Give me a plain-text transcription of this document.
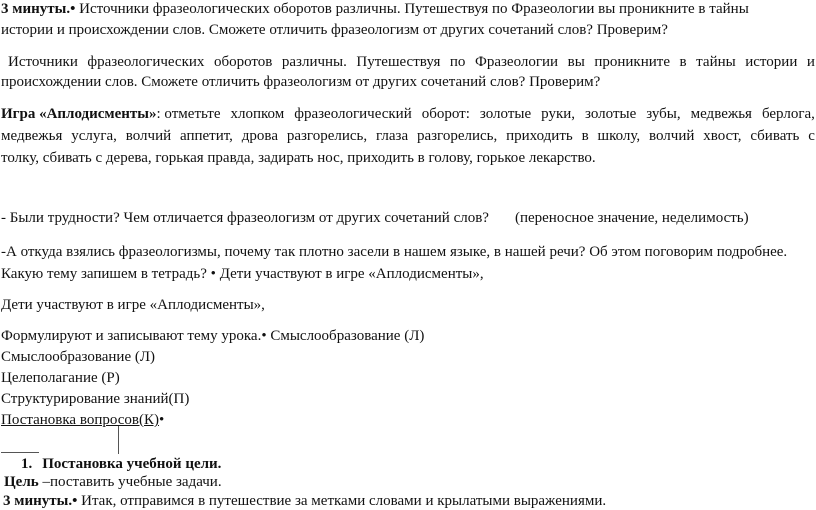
3 минуты.• Источники фразеологических оборотов различны. Путешествуя по Фразеологии вы проникните в тайны
истории и происхождении слов. Сможете отличить фразеологизм от других сочетаний слов? Проверим?
Источники фразеологических оборотов различны. Путешествуя по Фразеологии вы проникните в тайны истории и
происхождении слов. Сможете отличить фразеологизм от других сочетаний слов? Проверим?
Игра «Аплодисменты»: отметьте хлопком фразеологический оборот: золотые руки, золотые зубы, медвежья берлога,
медвежья услуга, волчий аппетит, дрова разгорелись, глаза разгорелись, приходить в школу, волчий хвост, сбивать с
толку, сбивать с дерева, горькая правда, задирать нос, приходить в голову, горькое лекарство.
- Были трудности? Чем отличается фразеологизм от других сочетаний слов? (переносное значение, неделимость)
-А откуда взялись фразеологизмы, почему так плотно засели в нашем языке, в нашей речи? Об этом поговорим подробнее.
Какую тему запишем в тетрадь? • Дети участвуют в игре «Аплодисменты»,
Дети участвуют в игре «Аплодисменты»,
Формулируют и записывают тему урока.• Смыслообразование (Л)
Смыслообразование (Л)
Целеполагание (Р)
Структурирование знаний(П)
Постановка вопросов(К)•
1. Постановка учебной цели.
Цель –поставить учебные задачи.
3 минуты.• Итак, отправимся в путешествие за метками словами и крылатыми выражениями.
